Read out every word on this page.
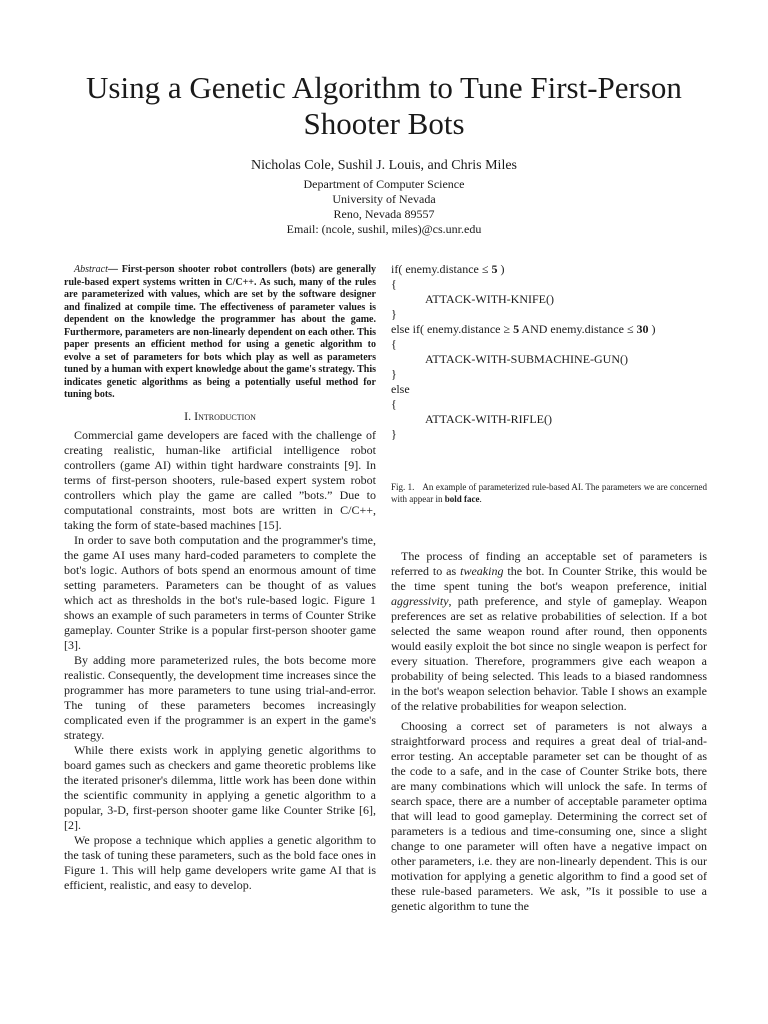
Using a Genetic Algorithm to Tune First-Person Shooter Bots
Nicholas Cole, Sushil J. Louis, and Chris Miles
Department of Computer Science
University of Nevada
Reno, Nevada 89557
Email: (ncole, sushil, miles)@cs.unr.edu

Abstract— First-person shooter robot controllers (bots) are generally rule-based expert systems written in C/C++. As such, many of the rules are parameterized with values, which are set by the software designer and finalized at compile time. The effectiveness of parameter values is dependent on the knowledge the programmer has about the game. Furthermore, parameters are non-linearly dependent on each other. This paper presents an efficient method for using a genetic algorithm to evolve a set of parameters for bots which play as well as parameters tuned by a human with expert knowledge about the game's strategy. This indicates genetic algorithms as being a potentially useful method for tuning bots.

I. Introduction

Commercial game developers are faced with the challenge of creating realistic, human-like artificial intelligence robot controllers (game AI) within tight hardware constraints [9]. In terms of first-person shooters, rule-based expert system robot controllers which play the game are called ”bots.” Due to computational constraints, most bots are written in C/C++, taking the form of state-based machines [15].

In order to save both computation and the programmer's time, the game AI uses many hard-coded parameters to complete the bot's logic. Authors of bots spend an enormous amount of time setting parameters. Parameters can be thought of as values which act as thresholds in the bot's rule-based logic. Figure 1 shows an example of such parameters in terms of Counter Strike gameplay. Counter Strike is a popular first-person shooter game [3].

By adding more parameterized rules, the bots become more realistic. Consequently, the development time increases since the programmer has more parameters to tune using trial-and-error. The tuning of these parameters becomes increasingly complicated even if the programmer is an expert in the game's strategy.

While there exists work in applying genetic algorithms to board games such as checkers and game theoretic problems like the iterated prisoner's dilemma, little work has been done within the scientific community in applying a genetic algorithm to a popular, 3-D, first-person shooter game like Counter Strike [6], [2].

We propose a technique which applies a genetic algorithm to the task of tuning these parameters, such as the bold face ones in Figure 1. This will help game developers write game AI that is efficient, realistic, and easy to develop.

if( enemy.distance ≤ 5 )
{
ATTACK-WITH-KNIFE()
}
else if( enemy.distance ≥ 5 AND enemy.distance ≤ 30 )
{
ATTACK-WITH-SUBMACHINE-GUN()
}
else
{
ATTACK-WITH-RIFLE()
}
Fig. 1. An example of parameterized rule-based AI. The parameters we are concerned with appear in bold face.

The process of finding an acceptable set of parameters is referred to as tweaking the bot. In Counter Strike, this would be the time spent tuning the bot's weapon preference, initial aggressivity, path preference, and style of gameplay. Weapon preferences are set as relative probabilities of selection. If a bot selected the same weapon round after round, then opponents would easily exploit the bot since no single weapon is perfect for every situation. Therefore, programmers give each weapon a probability of being selected. This leads to a biased randomness in the bot's weapon selection behavior. Table I shows an example of the relative probabilities for weapon selection.

Choosing a correct set of parameters is not always a straightforward process and requires a great deal of trial-and-error testing. An acceptable parameter set can be thought of as the code to a safe, and in the case of Counter Strike bots, there are many combinations which will unlock the safe. In terms of search space, there are a number of acceptable parameter optima that will lead to good gameplay. Determining the correct set of parameters is a tedious and time-consuming one, since a slight change to one parameter will often have a negative impact on other parameters, i.e. they are non-linearly dependent. This is our motivation for applying a genetic algorithm to find a good set of these rule-based parameters. We ask, ”Is it possible to use a genetic algorithm to tune the
